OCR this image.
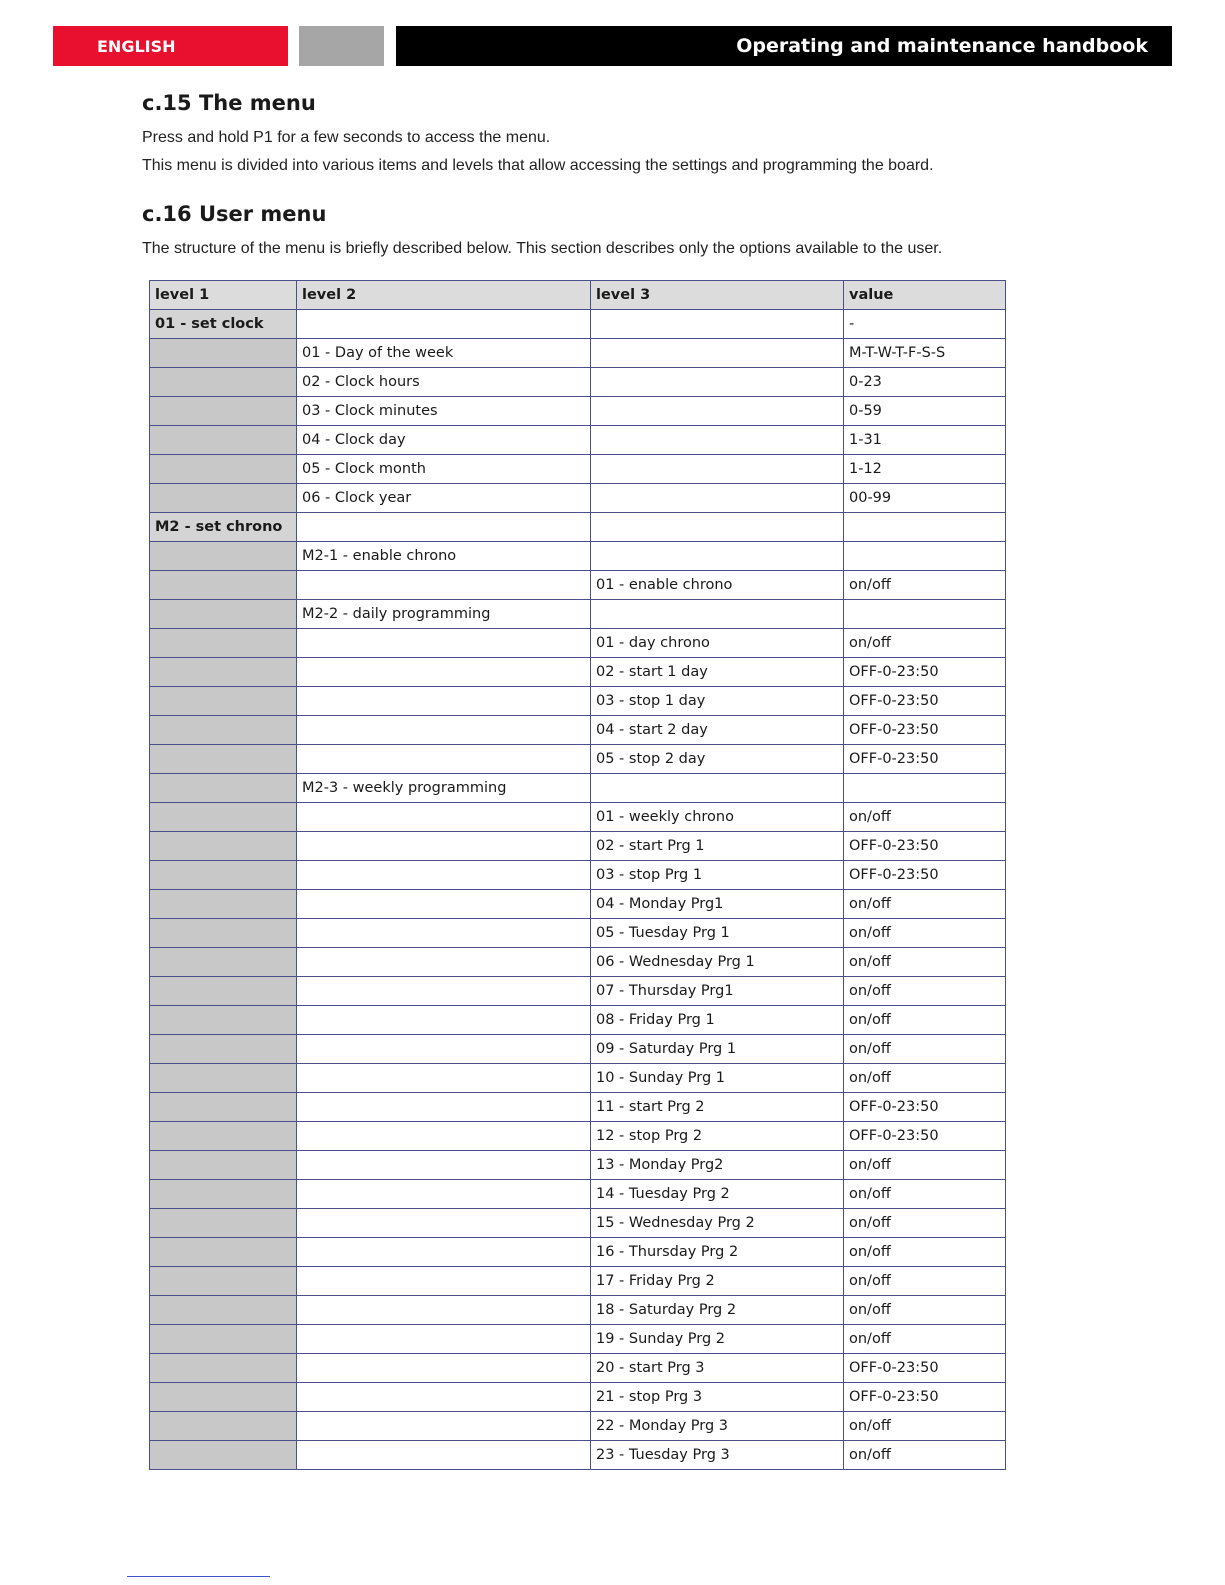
ENGLISH	Operating and maintenance handbook
c.15 The menu

Press and hold P1 for a few seconds to access the menu.

This menu is divided into various items and levels that allow accessing the settings and programming the board.

c.16 User menu

The structure of the menu is briefly described below. This section describes only the options available to the user.

level 1	level 2	level 3	value
01 - set clock			-
	01 - Day of the week		M-T-W-T-F-S-S
	02 - Clock hours		0-23
	03 - Clock minutes		0-59
	04 - Clock day		1-31
	05 - Clock month		1-12
	06 - Clock year		00-99
M2 - set chrono			
	M2-1 - enable chrono		
		01 - enable chrono	on/off
	M2-2 - daily programming		
		01 - day chrono	on/off
		02 - start 1 day	OFF-0-23:50
		03 - stop 1 day	OFF-0-23:50
		04 - start 2 day	OFF-0-23:50
		05 - stop 2 day	OFF-0-23:50
	M2-3 - weekly programming		
		01 - weekly chrono	on/off
		02 - start Prg 1	OFF-0-23:50
		03 - stop Prg 1	OFF-0-23:50
		04 - Monday Prg1	on/off
		05 - Tuesday Prg 1	on/off
		06 - Wednesday Prg 1	on/off
		07 - Thursday Prg1	on/off
		08 - Friday Prg 1	on/off
		09 - Saturday Prg 1	on/off
		10 - Sunday Prg 1	on/off
		11 - start Prg 2	OFF-0-23:50
		12 - stop Prg 2	OFF-0-23:50
		13 - Monday Prg2	on/off
		14 - Tuesday Prg 2	on/off
		15 - Wednesday Prg 2	on/off
		16 - Thursday Prg 2	on/off
		17 - Friday Prg 2	on/off
		18 - Saturday Prg 2	on/off
		19 - Sunday Prg 2	on/off
		20 - start Prg 3	OFF-0-23:50
		21 - stop Prg 3	OFF-0-23:50
		22 - Monday Prg 3	on/off
		23 - Tuesday Prg 3	on/off
